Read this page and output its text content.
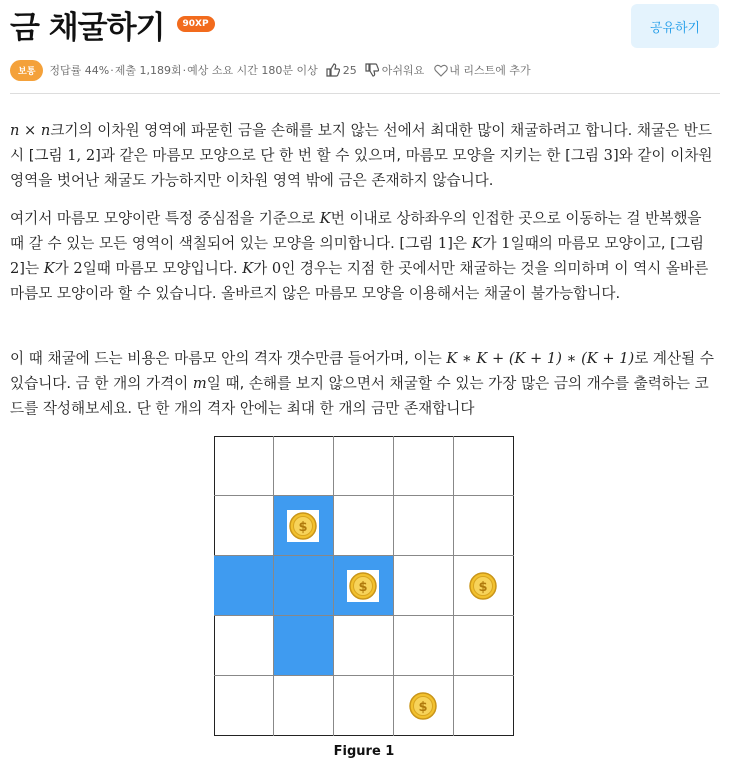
금 채굴하기	90XP	공유하기
보통	정답률 44% · 제출 1,189회 · 예상 소요 시간 180분 이상 25 아쉬워요 내 리스트에 추가

n × n크기의 이차원 영역에 파묻힌 금을 손해를 보지 않는 선에서 최대한 많이 채굴하려고 합니다. 채굴은 반드시 [그림 1, 2]과 같은 마름모 모양으로 단 한 번 할 수 있으며, 마름모 모양을 지키는 한 [그림 3]와 같이 이차원 영역을 벗어난 채굴도 가능하지만 이차원 영역 밖에 금은 존재하지 않습니다.

여기서 마름모 모양이란 특정 중심점을 기준으로 K번 이내로 상하좌우의 인접한 곳으로 이동하는 걸 반복했을 때 갈 수 있는 모든 영역이 색칠되어 있는 모양을 의미합니다. [그림 1]은 K가 1일때의 마름모 모양이고, [그림 2]는 K가 2일때 마름모 모양입니다. K가 0인 경우는 지점 한 곳에서만 채굴하는 것을 의미하며 이 역시 올바른 마름모 모양이라 할 수 있습니다. 올바르지 않은 마름모 모양을 이용해서는 채굴이 불가능합니다.

이 때 채굴에 드는 비용은 마름모 안의 격자 갯수만큼 들어가며, 이는 K ∗ K + (K + 1) ∗ (K + 1)로 계산될 수 있습니다. 금 한 개의 가격이 m일 때, 손해를 보지 않으면서 채굴할 수 있는 가장 많은 금의 개수를 출력하는 코드를 작성해보세요. 단 한 개의 격자 안에는 최대 한 개의 금만 존재합니다

$
$	$
$
Figure 1
